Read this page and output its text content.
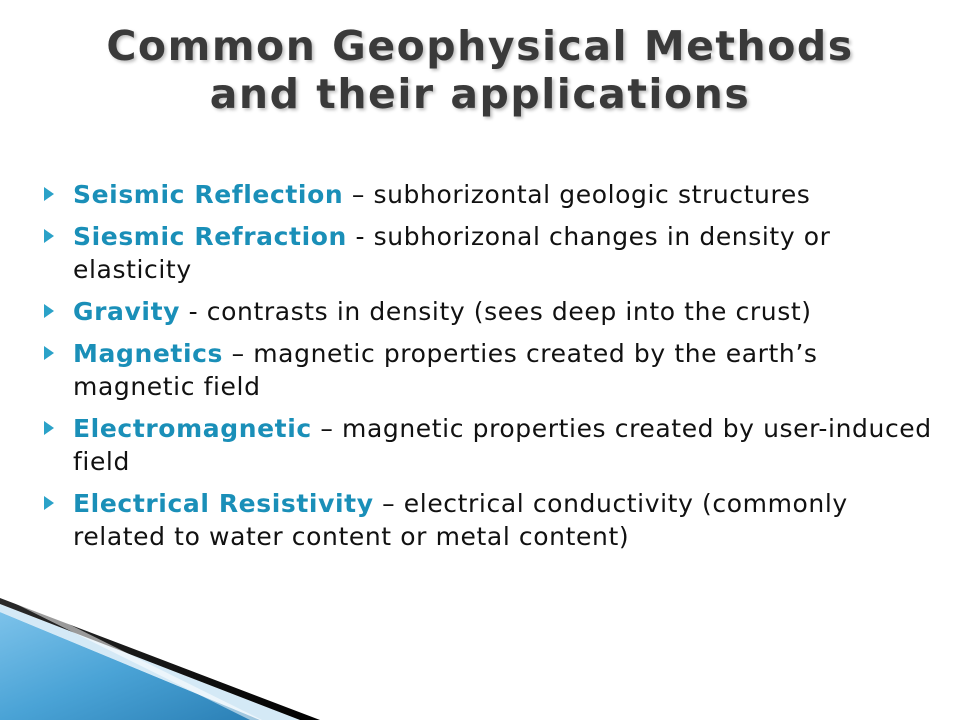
Common Geophysical Methods
and their applications
Seismic Reflection – subhorizontal geologic structures
Siesmic Refraction - subhorizonal changes in density or elasticity
Gravity - contrasts in density (sees deep into the crust)
Magnetics – magnetic properties created by the earth’s magnetic field
Electromagnetic – magnetic properties created by user-induced field
Electrical Resistivity – electrical conductivity (commonly related to water content or metal content)
